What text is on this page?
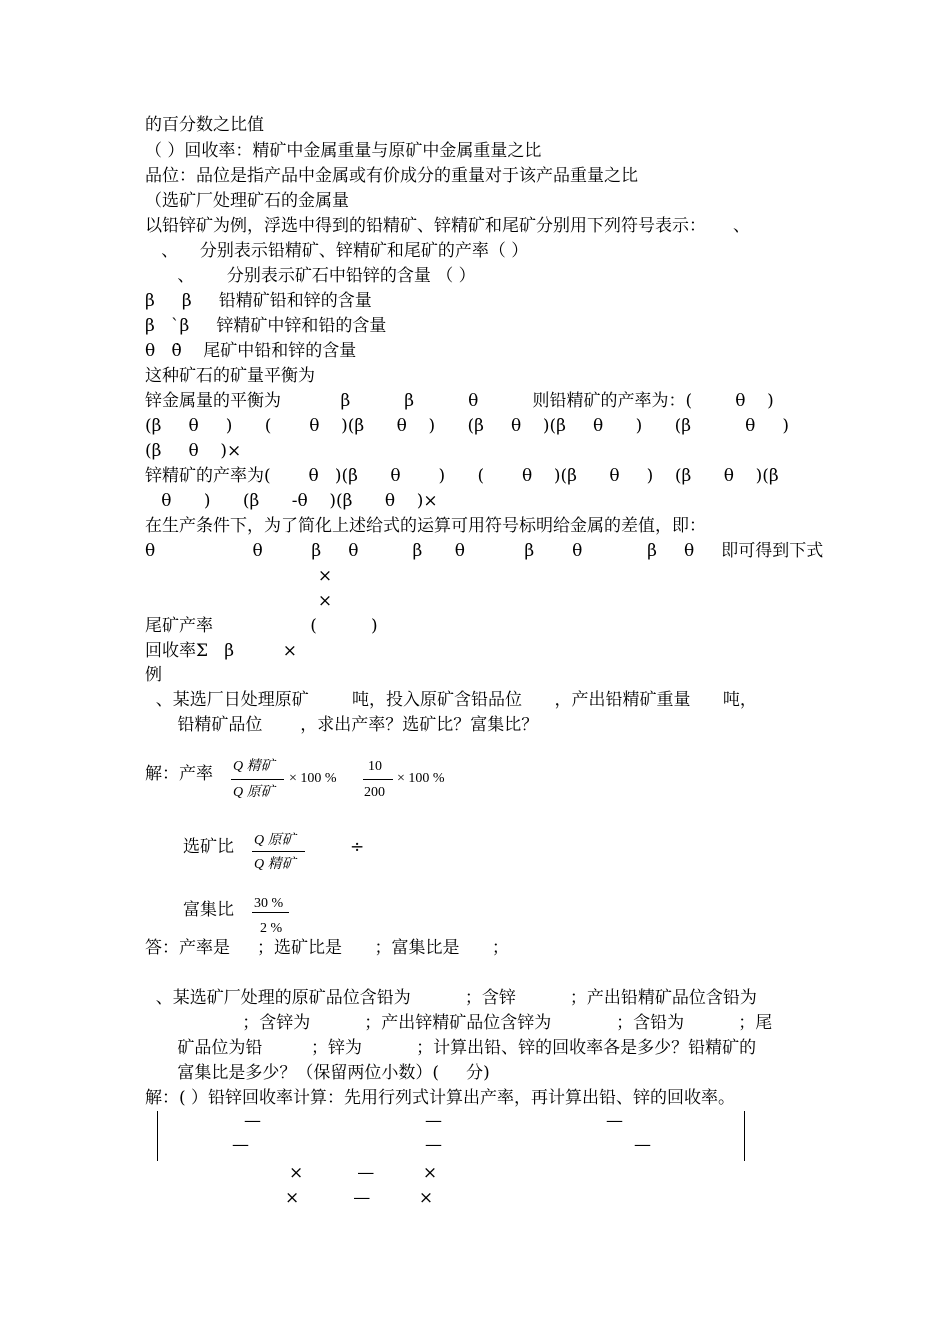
的百分数之比值
（ ）回收率：精矿中金属重量与原矿中金属重量之比
品位：品位是指产品中金属或有价成分的重量对于该产品重量之比
（选矿厂处理矿石的金属量
以铅锌矿为例，浮选中得到的铅精矿、锌精矿和尾矿分别用下列符号表示：     、
、    分别表示铅精矿、锌精矿和尾矿的产率（ ）
、      分别表示矿石中铅锌的含量 （ ）
β     β     铅精矿铅和锌的含量
β   ˋβ     锌精矿中锌和铅的含量
θ   θ̇    尾矿中铅和锌的含量
这种矿石的矿量平衡为
锌金属量的平衡为           β          β          θ          则铅精矿的产率为：(        θ    )
(β     θ     )      (       θ    )(β      θ    )      (β     θ    )(β     θ      )      (β          θ     )
(β     θ    )×
锌精矿的产率为(       θ   )(β      θ       )      (       θ    )(β      θ     )    (β      θ    )(β
θ      )      (β      ‑θ    )(β      θ    )×
在生产条件下，为了简化上述给式的运算可用符号标明给金属的差值，即：
θ                  θ         β     θ          β      θ           β       θ            β     θ     即可得到下式
×
×
尾矿产率                  (          )
回收率Σ   β         ×
例
、某选厂日处理原矿        吨，投入原矿含铅品位      ，产出铅精矿重量      吨，
铅精矿品位       ，求出产率？选矿比？富集比？
解：产率 Q 精矿
Q 原矿
× 100 %
10
200
× 100 %
选矿比 Q 原矿
Q 精矿
÷
富集比 30 %
2 %
答：产率是     ；选矿比是      ；富集比是      ；
、某选矿厂处理的原矿品位含铅为          ；含锌          ；产出铅精矿品位含铅为
；含锌为          ；产出锌精矿品位含锌为            ；含铅为          ；尾
矿品位为铅         ；锌为          ；计算出铅、锌的回收率各是多少？铅精矿的
富集比是多少？（保留两位小数）(     分)
解：( ）铅锌回收率计算：先用行列式计算出产率，再计算出铅、锌的回收率。
—	—	—
—	—	—
×          —         ×
×          —         ×
